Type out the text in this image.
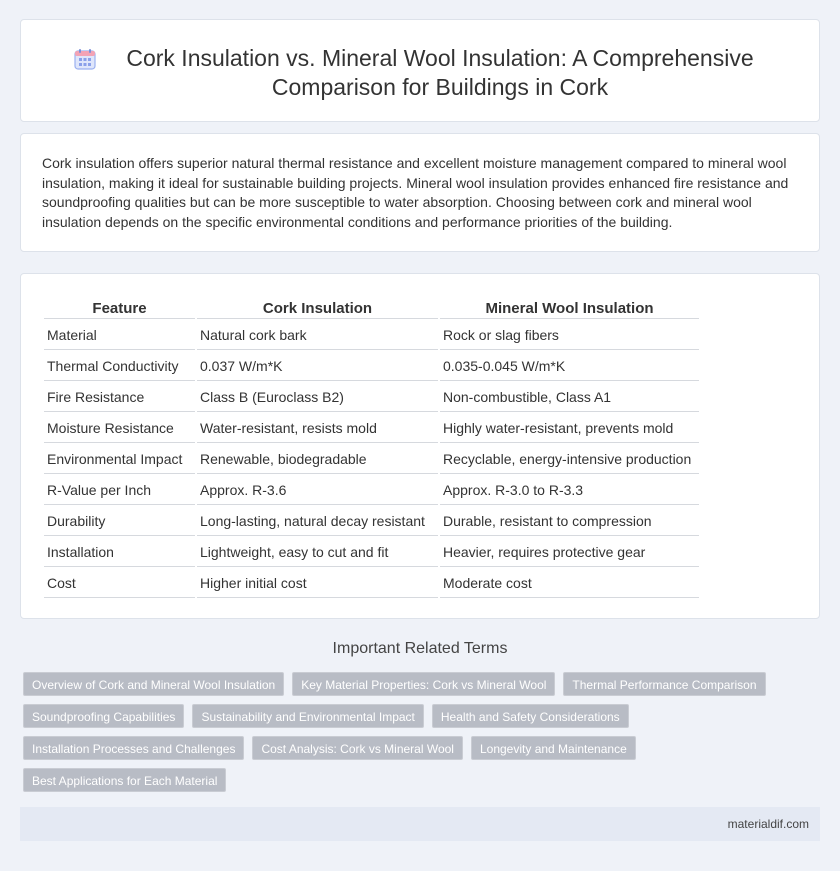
Cork Insulation vs. Mineral Wool Insulation: A Comprehensive Comparison for Buildings in Cork

Cork insulation offers superior natural thermal resistance and excellent moisture management compared to mineral wool insulation, making it ideal for sustainable building projects. Mineral wool insulation provides enhanced fire resistance and soundproofing qualities but can be more susceptible to water absorption. Choosing between cork and mineral wool insulation depends on the specific environmental conditions and performance priorities of the building.

Feature	Cork Insulation	Mineral Wool Insulation
Material	Natural cork bark	Rock or slag fibers
Thermal Conductivity	0.037 W/m*K	0.035-0.045 W/m*K
Fire Resistance	Class B (Euroclass B2)	Non-combustible, Class A1
Moisture Resistance	Water-resistant, resists mold	Highly water-resistant, prevents mold
Environmental Impact	Renewable, biodegradable	Recyclable, energy-intensive production
R-Value per Inch	Approx. R-3.6	Approx. R-3.0 to R-3.3
Durability	Long-lasting, natural decay resistant	Durable, resistant to compression
Installation	Lightweight, easy to cut and fit	Heavier, requires protective gear
Cost	Higher initial cost	Moderate cost
Important Related Terms
Overview of Cork and Mineral Wool Insulation	Key Material Properties: Cork vs Mineral Wool	Thermal Performance Comparison
Soundproofing Capabilities	Sustainability and Environmental Impact	Health and Safety Considerations
Installation Processes and Challenges	Cost Analysis: Cork vs Mineral Wool	Longevity and Maintenance
Best Applications for Each Material
materialdif.com
